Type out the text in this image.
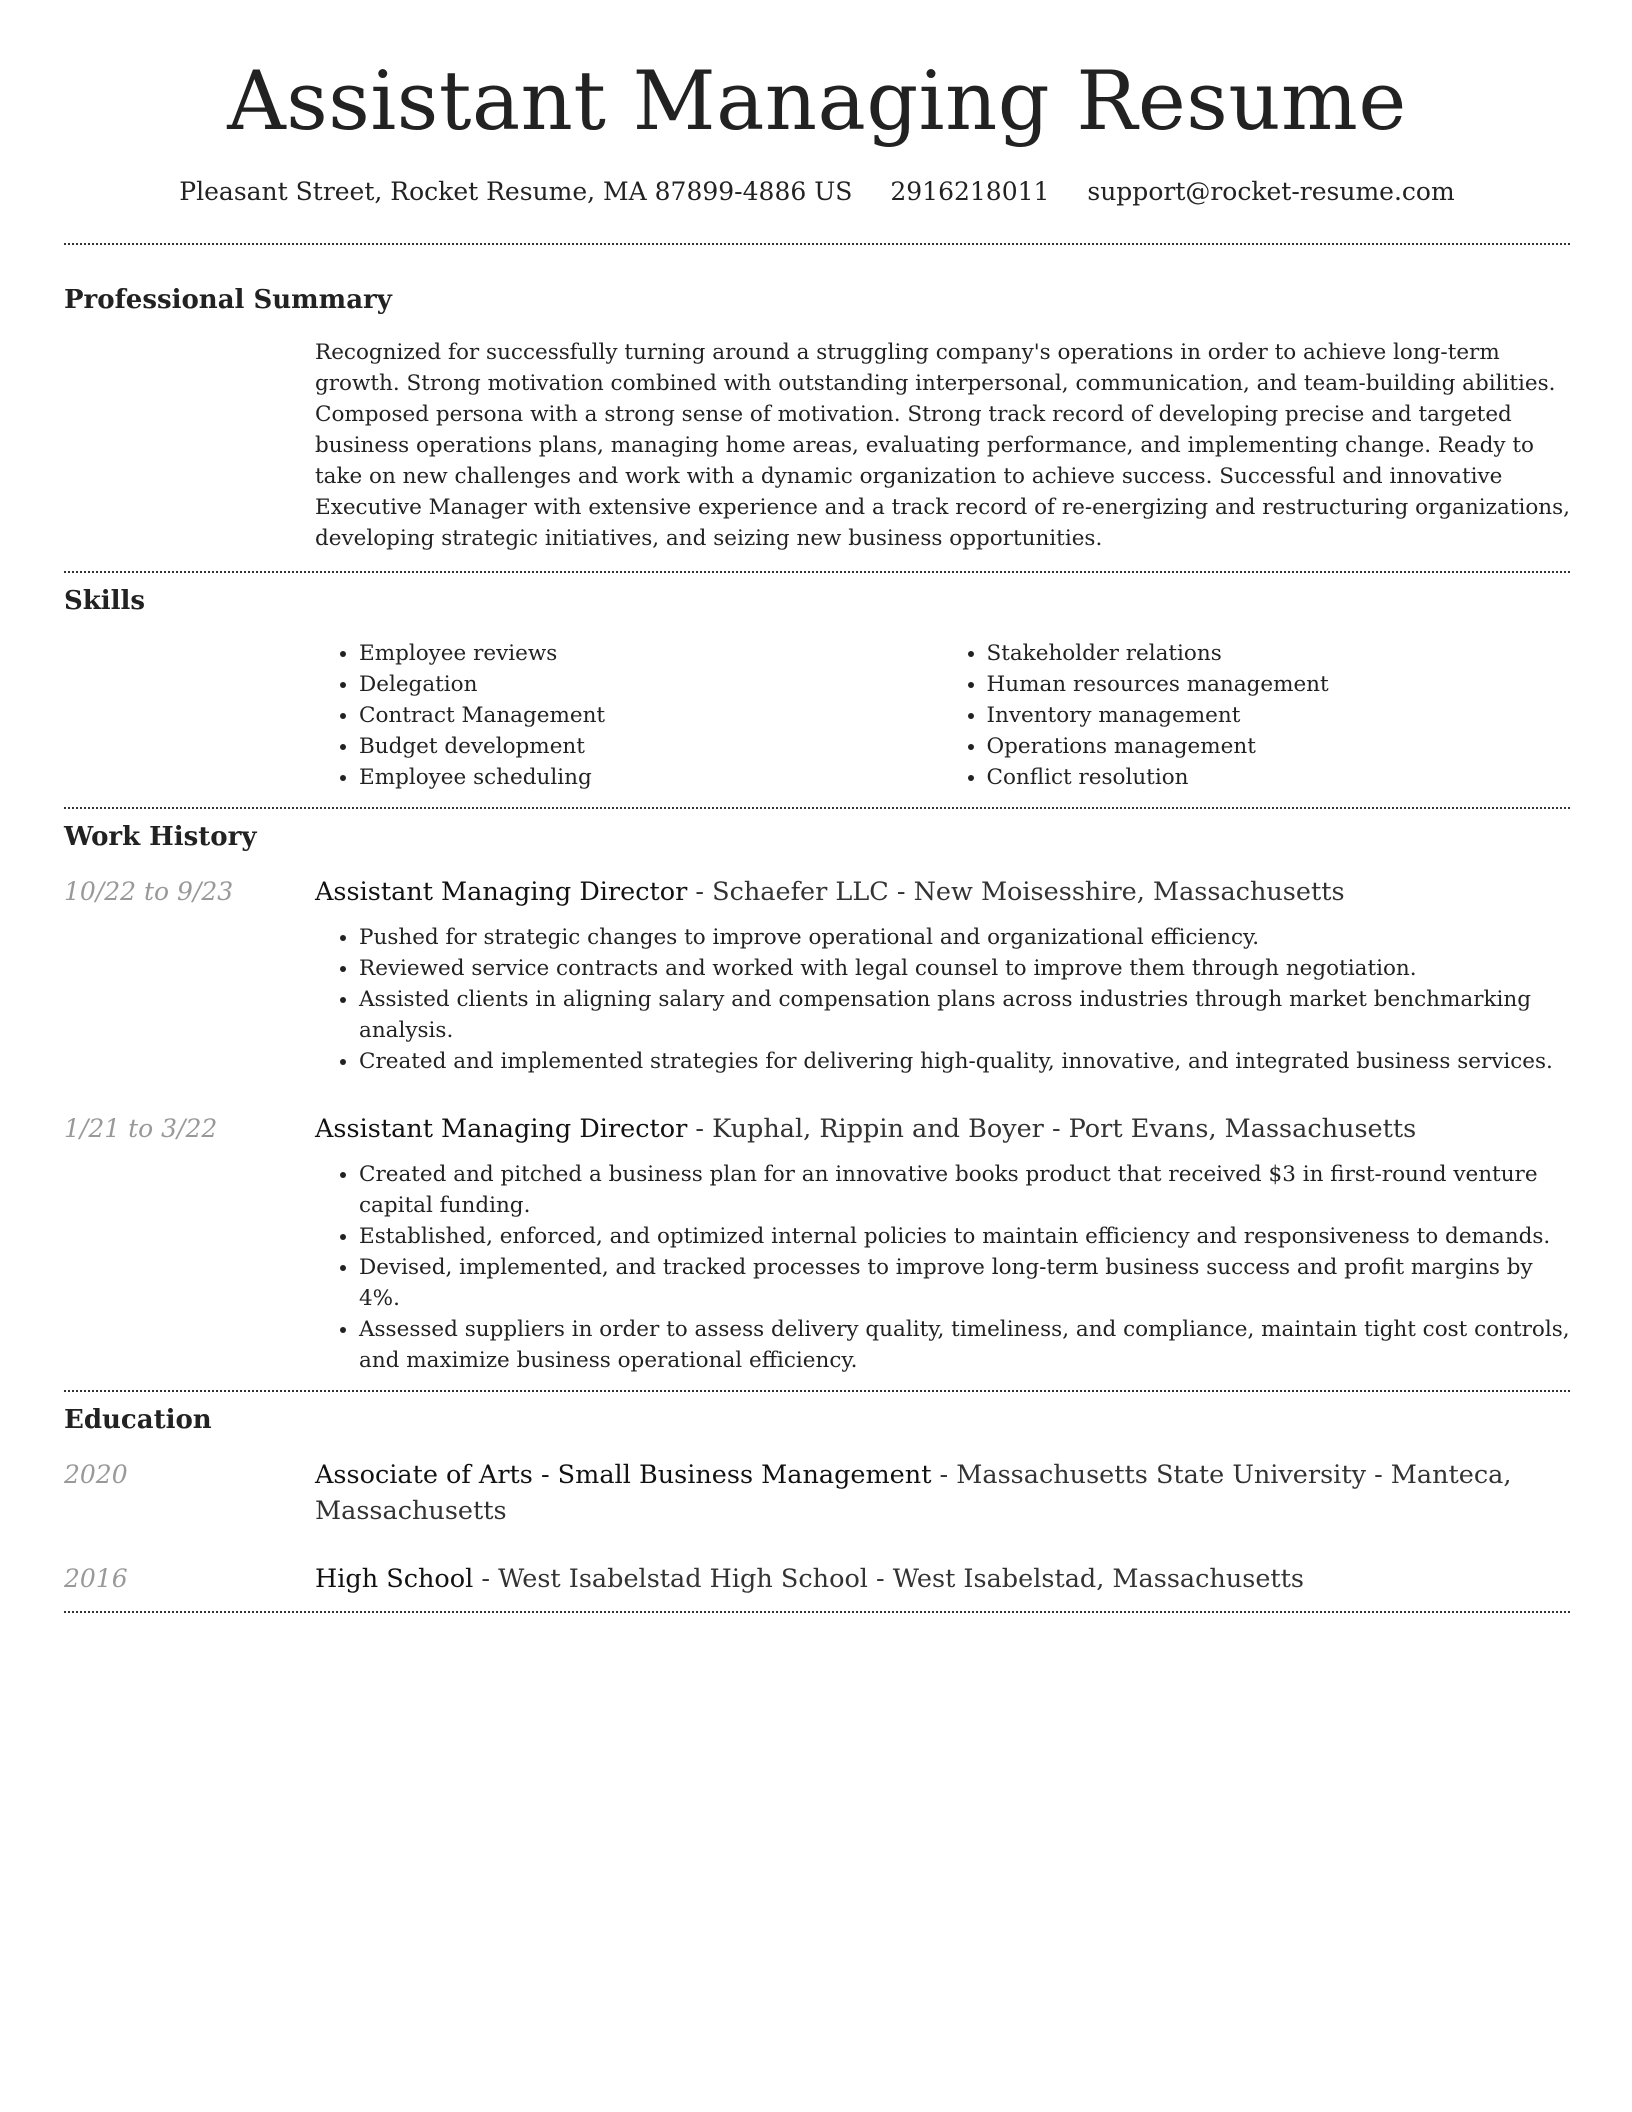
Assistant Managing Resume
Pleasant Street, Rocket Resume, MA 87899-4886 US 2916218011 support@rocket-resume.com
Professional Summary
Recognized for successfully turning around a struggling company's operations in order to achieve long-term growth. Strong motivation combined with outstanding interpersonal, communication, and team-building abilities. Composed persona with a strong sense of motivation. Strong track record of developing precise and targeted business operations plans, managing home areas, evaluating performance, and implementing change. Ready to take on new challenges and work with a dynamic organization to achieve success. Successful and innovative Executive Manager with extensive experience and a track record of re-energizing and restructuring organizations, developing strategic initiatives, and seizing new business opportunities.
Skills
• Employee reviews
• Delegation
• Contract Management
• Budget development
• Employee scheduling
• Stakeholder relations
• Human resources management
• Inventory management
• Operations management
• Conflict resolution
Work History
10/22 to 9/23	Assistant Managing Director - Schaefer LLC - New Moisesshire, Massachusetts
• Pushed for strategic changes to improve operational and organizational efficiency.
• Reviewed service contracts and worked with legal counsel to improve them through negotiation.
• Assisted clients in aligning salary and compensation plans across industries through market benchmarking analysis.
• Created and implemented strategies for delivering high-quality, innovative, and integrated business services.
1/21 to 3/22	Assistant Managing Director - Kuphal, Rippin and Boyer - Port Evans, Massachusetts
• Created and pitched a business plan for an innovative books product that received $3 in first-round venture capital funding.
• Established, enforced, and optimized internal policies to maintain efficiency and responsiveness to demands.
• Devised, implemented, and tracked processes to improve long-term business success and profit margins by 4%.
• Assessed suppliers in order to assess delivery quality, timeliness, and compliance, maintain tight cost controls, and maximize business operational efficiency.
Education
2020	Associate of Arts - Small Business Management - Massachusetts State University - Manteca, Massachusetts
2016	High School - West Isabelstad High School - West Isabelstad, Massachusetts
